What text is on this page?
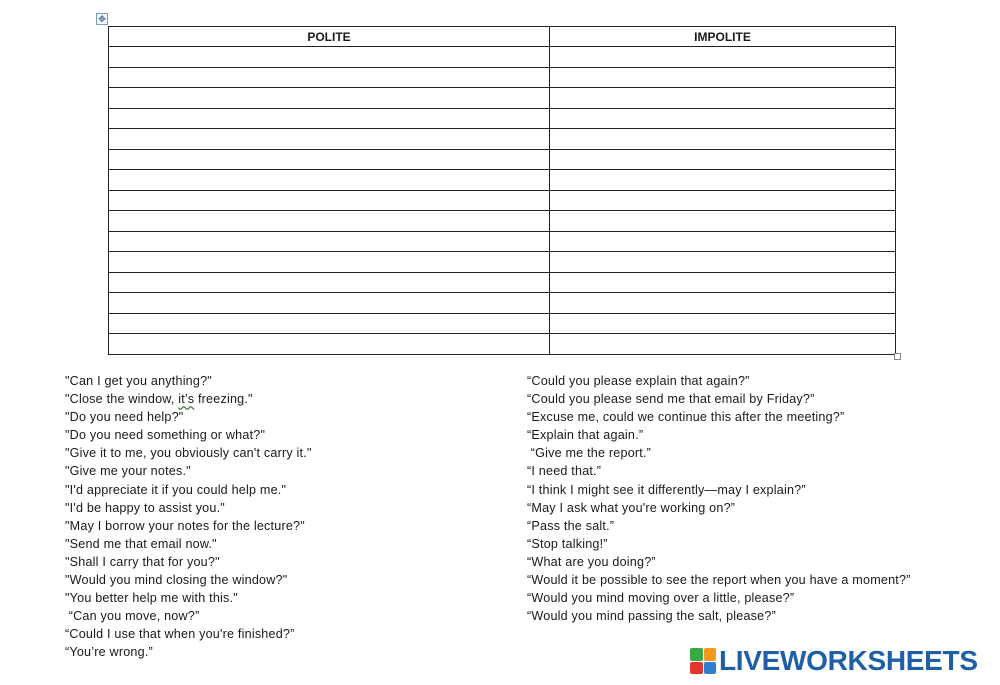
✥
POLITE	IMPOLITE

"Can I get you anything?"
"Close the window, it’s freezing."
"Do you need help?"
"Do you need something or what?"
"Give it to me, you obviously can't carry it."
"Give me your notes."
"I'd appreciate it if you could help me."
"I'd be happy to assist you."
"May I borrow your notes for the lecture?"
"Send me that email now."
"Shall I carry that for you?"
"Would you mind closing the window?"
"You better help me with this."
“Can you move, now?”
“Could I use that when you're finished?”
“You’re wrong.”
“Could you please explain that again?”
“Could you please send me that email by Friday?”
“Excuse me, could we continue this after the meeting?”
“Explain that again.”
“Give me the report.”
“I need that.”
“I think I might see it differently—may I explain?”
“May I ask what you're working on?”
“Pass the salt.”
“Stop talking!”
“What are you doing?”
“Would it be possible to see the report when you have a moment?”
“Would you mind moving over a little, please?”
“Would you mind passing the salt, please?”
LIVEWORKSHEETS
